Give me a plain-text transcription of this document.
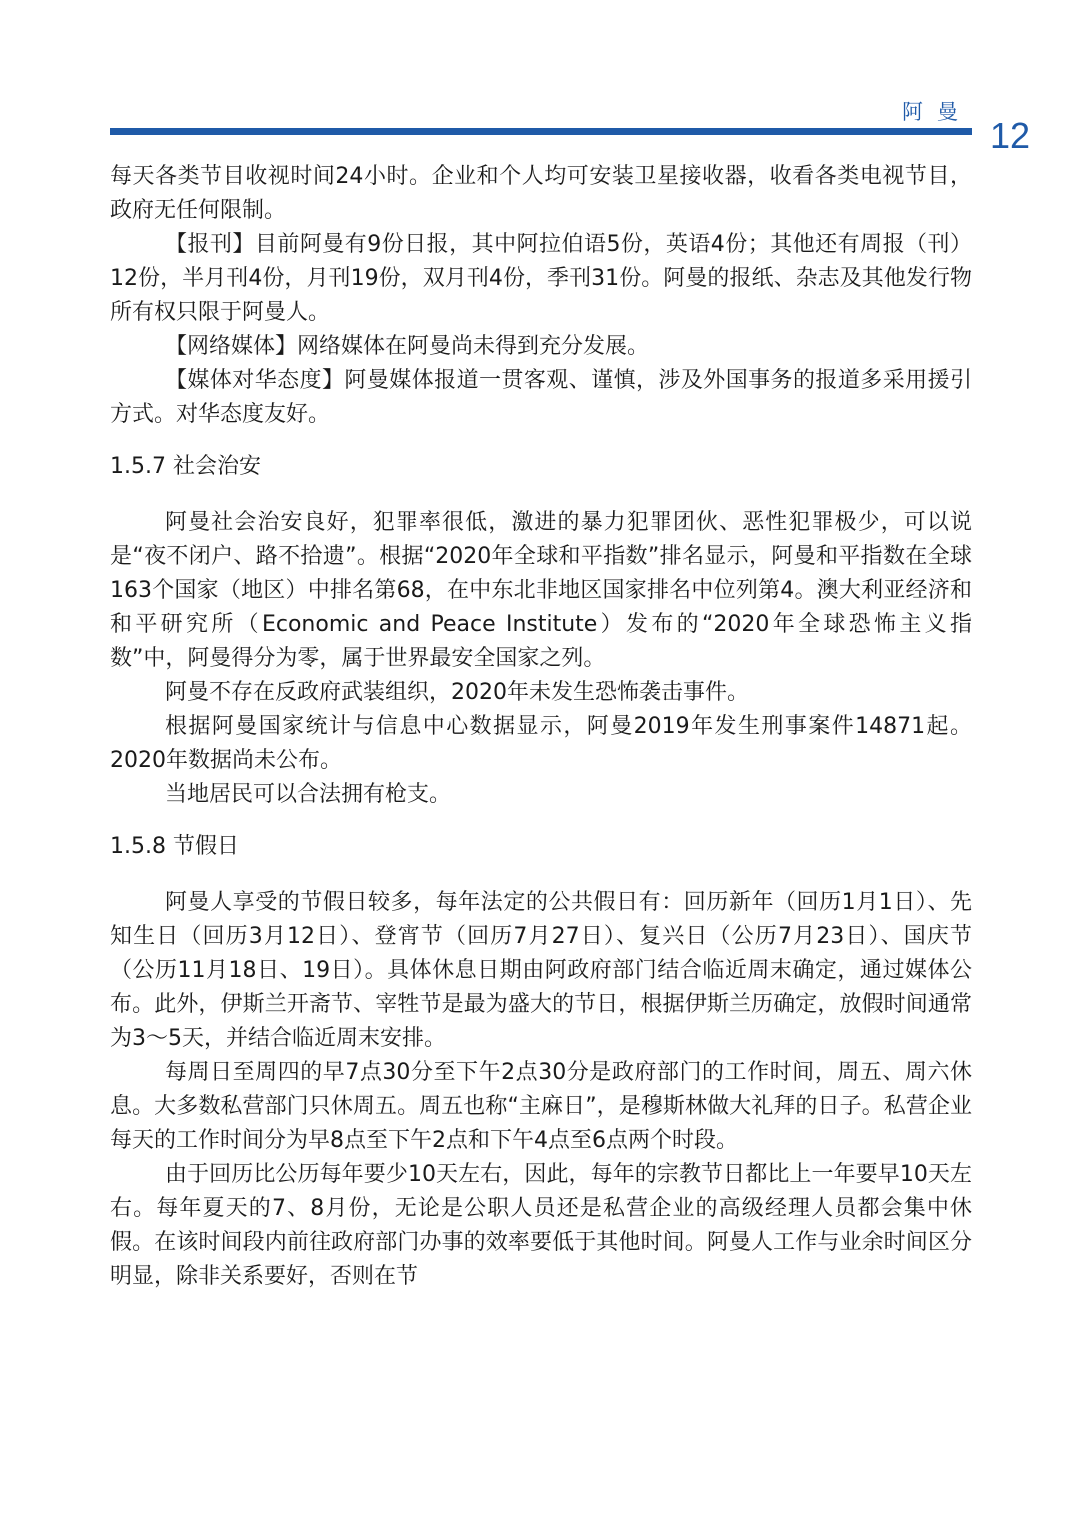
阿曼
12

每天各类节目收视时间24小时。企业和个人均可安装卫星接收器，收看各类电视节目，政府无任何限制。

【报刊】目前阿曼有9份日报，其中阿拉伯语5份，英语4份；其他还有周报（刊）12份，半月刊4份，月刊19份，双月刊4份，季刊31份。阿曼的报纸、杂志及其他发行物所有权只限于阿曼人。

【网络媒体】网络媒体在阿曼尚未得到充分发展。

【媒体对华态度】阿曼媒体报道一贯客观、谨慎，涉及外国事务的报道多采用援引方式。对华态度友好。

1.5.7 社会治安

阿曼社会治安良好，犯罪率很低，激进的暴力犯罪团伙、恶性犯罪极少，可以说是“夜不闭户、路不拾遗”。根据“2020年全球和平指数”排名显示，阿曼和平指数在全球163个国家（地区）中排名第68，在中东北非地区国家排名中位列第4。澳大利亚经济和和平研究所（Economic and Peace Institute）发布的“2020年全球恐怖主义指数”中，阿曼得分为零，属于世界最安全国家之列。

阿曼不存在反政府武装组织，2020年未发生恐怖袭击事件。

根据阿曼国家统计与信息中心数据显示，阿曼2019年发生刑事案件14871起。2020年数据尚未公布。

当地居民可以合法拥有枪支。

1.5.8 节假日

阿曼人享受的节假日较多，每年法定的公共假日有：回历新年（回历1月1日）、先知生日（回历3月12日）、登宵节（回历7月27日）、复兴日（公历7月23日）、国庆节（公历11月18日、19日）。具体休息日期由阿政府部门结合临近周末确定，通过媒体公布。此外，伊斯兰开斋节、宰牲节是最为盛大的节日，根据伊斯兰历确定，放假时间通常为3～5天，并结合临近周末安排。

每周日至周四的早7点30分至下午2点30分是政府部门的工作时间，周五、周六休息。大多数私营部门只休周五。周五也称“主麻日”，是穆斯林做大礼拜的日子。私营企业每天的工作时间分为早8点至下午2点和下午4点至6点两个时段。

由于回历比公历每年要少10天左右，因此，每年的宗教节日都比上一年要早10天左右。每年夏天的7、8月份，无论是公职人员还是私营企业的高级经理人员都会集中休假。在该时间段内前往政府部门办事的效率要低于其他时间。阿曼人工作与业余时间区分明显，除非关系要好，否则在节
